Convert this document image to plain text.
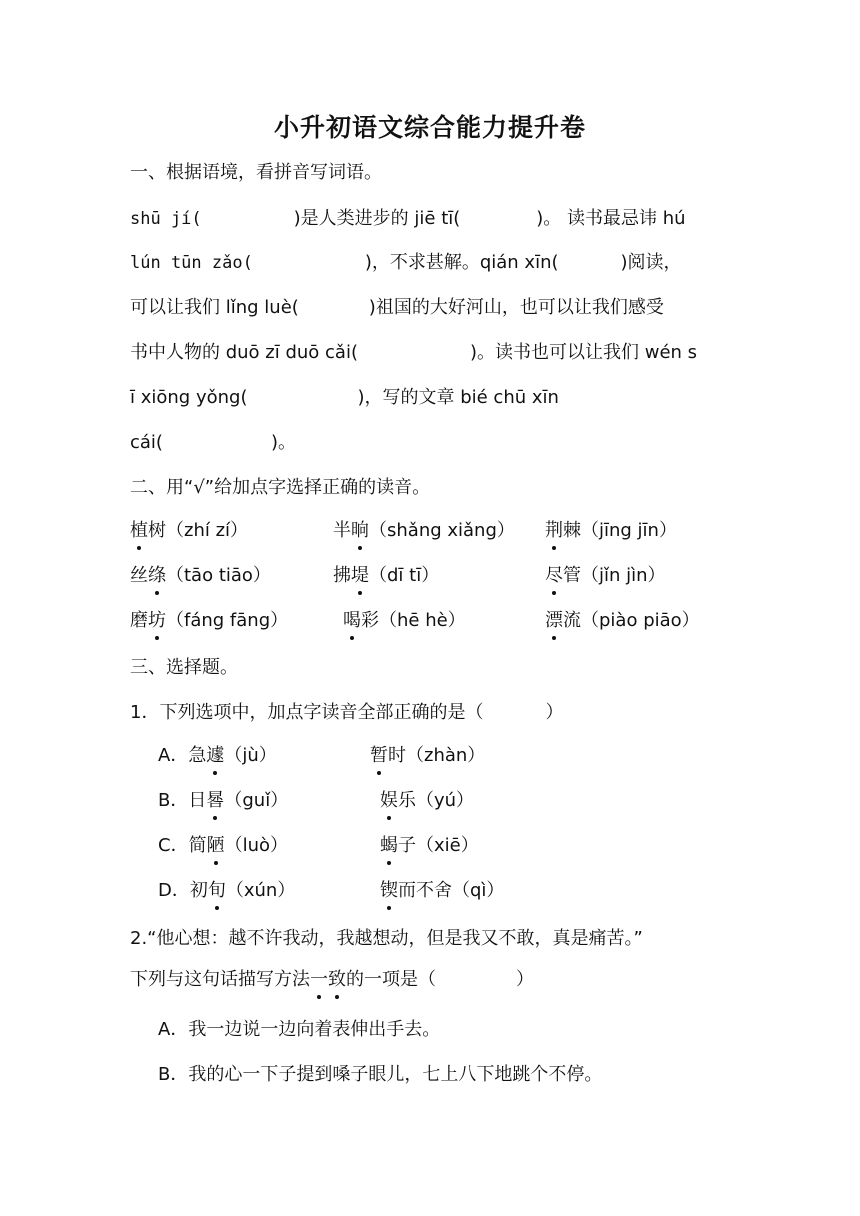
小升初语文综合能力提升卷
一、根据语境，看拼音写词语。
shū jí(	)是人类进步的 jiē tī(	)。 读书最忌讳 hú
lún tūn zǎo(	)，不求甚解。qián xīn(	)阅读，
可以让我们 lǐng luè(	)祖国的大好河山，也可以让我们感受
书中人物的 duō zī duō cǎi(	)。读书也可以让我们 wén s
ī xiōng yǒng(	)，写的文章 bié chū xīn
cái(	)。
二、用“√”给加点字选择正确的读音。
植树（zhí zí）	半晌（shǎng xiǎng） 荆棘（jīng jīn）
丝绦（tāo tiāo）	拂堤（dī tī）	尽管（jǐn jìn）
磨坊（fáng fāng）	喝彩（hē hè）	漂流（piào piāo）
三、选择题。
1．下列选项中，加点字读音全部正确的是（	）
A．急遽（jù）	暂时（zhàn）
B．日晷（guǐ）	娱乐（yú）
C．简陋（luò）	蝎子（xiē）
D．初旬（xún）	锲而不舍（qì）
2.“他心想：越不许我动，我越想动，但是我又不敢，真是痛苦。”
下列与这句话描写方法一致的一项是（	）
A．我一边说一边向着表伸出手去。
B．我的心一下子提到嗓子眼儿，七上八下地跳个不停。
